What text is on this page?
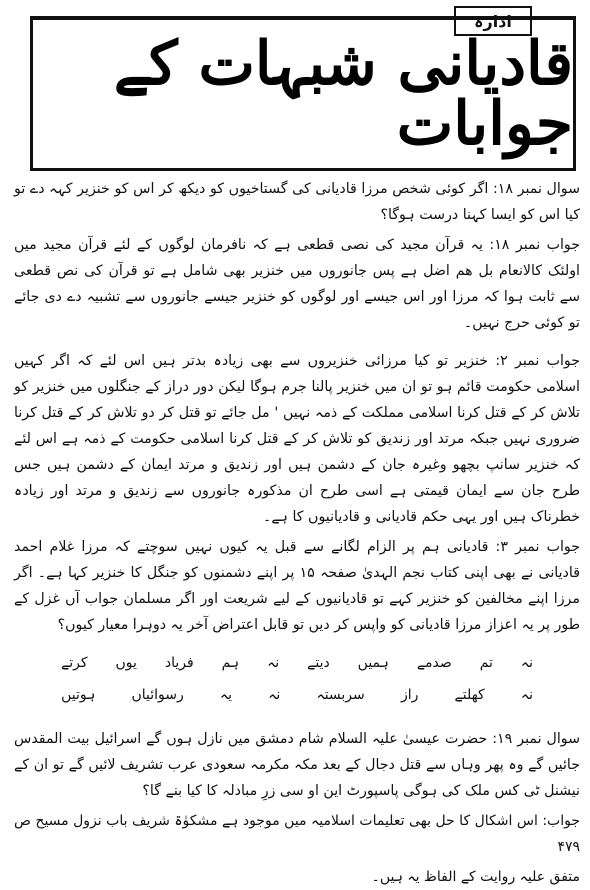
ادارہ
قادیانی شبہات کے جوابات

سوال نمبر ۱۸: اگر کوئی شخص مرزا قادیانی کی گستاخیوں کو دیکھ کر اس کو خنزیر کہہ دے تو کیا اس کو ایسا کہنا درست ہوگا؟

جواب نمبر ۱۸: یہ قرآن مجید کی نصی قطعی ہے کہ نافرمان لوگوں کے لئے قرآن مجید میں اولئک کالانعام بل ھم اضل ہے پس جانوروں میں خنزیر بھی شامل ہے تو قرآن کی نص قطعی سے ثابت ہوا کہ مرزا اور اس جیسے اور لوگوں کو خنزیر جیسے جانوروں سے تشبیہ دے دی جائے تو کوئی حرج نہیں۔

جواب نمبر ۲: خنزیر تو کیا مرزائی خنزیروں سے بھی زیادہ بدتر ہیں اس لئے کہ اگر کہیں اسلامی حکومت قائم ہو تو ان میں خنزیر پالنا جرم ہوگا لیکن دور دراز کے جنگلوں میں خنزیر کو تلاش کر کے قتل کرنا اسلامی مملکت کے ذمہ نہیں ' مل جائے تو قتل کر دو تلاش کر کے قتل کرنا ضروری نہیں جبکہ مرتد اور زندیق کو تلاش کر کے قتل کرنا اسلامی حکومت کے ذمہ ہے اس لئے کہ خنزیر سانپ بچھو وغیرہ جان کے دشمن ہیں اور زندیق و مرتد ایمان کے دشمن ہیں جس طرح جان سے ایمان قیمتی ہے اسی طرح ان مذکورہ جانوروں سے زندیق و مرتد اور زیادہ خطرناک ہیں اور یہی حکم قادیانی و قادیانیوں کا ہے۔

جواب نمبر ۳: قادیانی ہم پر الزام لگانے سے قبل یہ کیوں نہیں سوچتے کہ مرزا غلام احمد قادیانی نے بھی اپنی کتاب نجم الہدیٰ صفحہ ۱۵ پر اپنے دشمنوں کو جنگل کا خنزیر کہا ہے۔ اگر مرزا اپنے مخالفین کو خنزیر کہے تو قادیانیوں کے لیے شریعت اور اگر مسلمان جواب آں غزل کے طور پر یہ اعزاز مرزا قادیانی کو واپس کر دیں تو قابل اعتراض آخر یہ دوہرا معیار کیوں؟

نہ
تم
صدمے
ہمیں
دیتے
نہ
ہم
فریاد
یوں
کرتے
نہ
کھلتے
راز
سربستہ
نہ
یہ
رسوائیاں
ہوتیں

سوال نمبر ۱۹: حضرت عیسیٰ علیہ السلام شام دمشق میں نازل ہوں گے اسرائیل بیت المقدس جائیں گے وہ پھر وہاں سے قتل دجال کے بعد مکہ مکرمہ سعودی عرب تشریف لائیں گے تو ان کے نیشنل ٹی کس ملک کی ہوگی پاسپورٹ این او سی زرِ مبادلہ کا کیا بنے گا؟

جواب: اس اشکال کا حل بھی تعلیمات اسلامیہ میں موجود ہے مشکوٰۃ شریف باب نزول مسیح ص ۴۷۹

متفق علیہ روایت کے الفاظ یہ ہیں۔
